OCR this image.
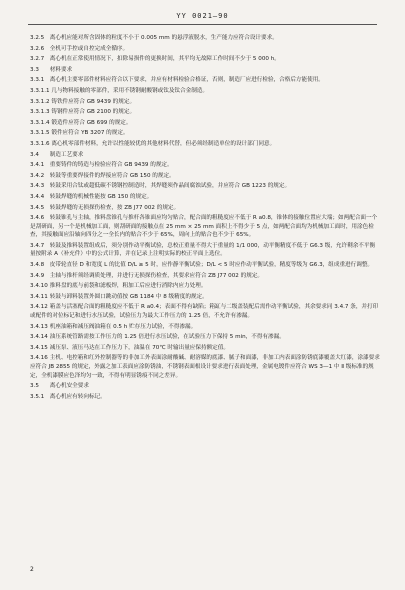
YY 0021—90
3.2.5 离心机应能对所含固体的粒度不小于 0.005 mm 的悬浮液脱水，生产能力应符合设计要求。
3.2.6 全机可手控或自控完成全循序。
3.2.7 离心机在正常使用情况下，扣除易损件的更换时间，其平均无故障工作时间不少于 5 000 h。
3.3 材料要求
3.3.1 离心机主要零部件材料应符合以下要求，并应有材料检验合格证，否则，制造厂应进行检验，合格后方能使用。
3.3.1.1 几与物料接触的零部件，采用不锈钢耐酸钢或钛及钛合金制造。
3.3.1.2 铸铁件应符合 GB 9439 的规定。
3.3.1.3 铸钢件应符合 GB 2100 的规定。
3.3.1.4 锻造件应符合 GB 699 的规定。
3.3.1.5 锻件应符合 YB 3207 的规定。
3.3.1.6 离心机零部件材料，允许以性能较优的其他材料代替，但必须经制造单位的设计部门同意。
3.4 制造工艺要求
3.4.1 重要铸件的铸造与检验应符合 GB 9439 的规定。
3.4.2 转鼓等重要焊接件的焊接应符合 GB 150 的规定。
3.4.3 转鼓采用合钛或超低碳不锈钢控制造时，其焊缝须作晶间腐蚀试验，并应符合 GB 1223 的规定。
3.4.4 转鼓焊缝的机械性能按 GB 150 的规定。
3.4.5 转鼓焊缝的无损探伤检查，按 ZB J77 002 的规定。
3.4.6 转鼓锥孔与主轴，推料盘锥孔与推杆各锥面应均匀贴合，配合面的粗糙度应不低于 R a0.8，锥体的接触位置应大端；如两配合面一个是刮研面，另一个是机械加工面，则刮研面的接触点在 25 mm × 25 mm 面积上不得少于 5 点，如两配合面均为机械加工面时，用涂色检查，其接触面应沿轴向四分之一全长内的贴合不少于 65%，周向上的贴合也不少于 65%。
3.4.7 转鼓及推料装置组成后，须分别作动平衡试验，总校正重量不得大于重量的 1/1 000，动平衡精度不低于 G6.3 级，允许剩余不平衡量按附录 A（补充件）中的公式计算，并在记录上注明实际的校正平面上选位。
3.4.8 皮带轮直径 D 和宽度 L 的比值 D/L ≥ 5 时，应作静平衡试验；D/L < 5 时应作动平衡试验，精度等级为 G6.3，组成重进行调整。
3.4.9 主轴与推杆须经调质处理，并进行无损探伤检查，其要求应符合 ZB J77 002 的规定。
3.4.10 推料盘的底与前袋和滤板焊，粗加工后应进行消除内应力处理。
3.4.11 转鼓与卸料装置外圆口跳动值按 GB 1184 中 8 级精度的规定。
3.4.12 箱盖与活塞配合面的粗糙度应不低于 R a0.4；表面不得有缺陷；箱缸与二级盖装配后需作动平衡试验，其余要求同 3.4.7 条，并打印或配件的对位标记和进行水压试验，试验压力为最大工作压力的 1.25 倍，不允许有渗漏。
3.4.13 机座油箱和减压阀油箱在 0.5 h 贮存压力试验，不得渗漏。
3.4.14 油压系统管路需按工作压力的 1.25 倍进行水压试验，在试验压力下保持 5 min，不得有渗漏。
3.4.15 减压泵、液压马达在工作压力下，油温在 70℃ 时输出量应保持额定值。
3.4.16 主机、电控箱和红外控制器等的非加工外表面涂耐酸碱、耐溶媒的底漆、腻子和面漆，非加工内表面涂防锈底漆覆盖大红漆，涂漆要求应符合 JB 2855 的规定，外露之加工表面应涂防锈油，不锈钢表面根设计要求进行表面处理，金属电镀件应符合 WS 3—1 中 Ⅱ 级标准的规定，全机漆膜应色泽均匀一致，不得有明显锈痕不同之差异。
3.5 离心机安全要求
3.5.1 离心机应有转向标记。
2
